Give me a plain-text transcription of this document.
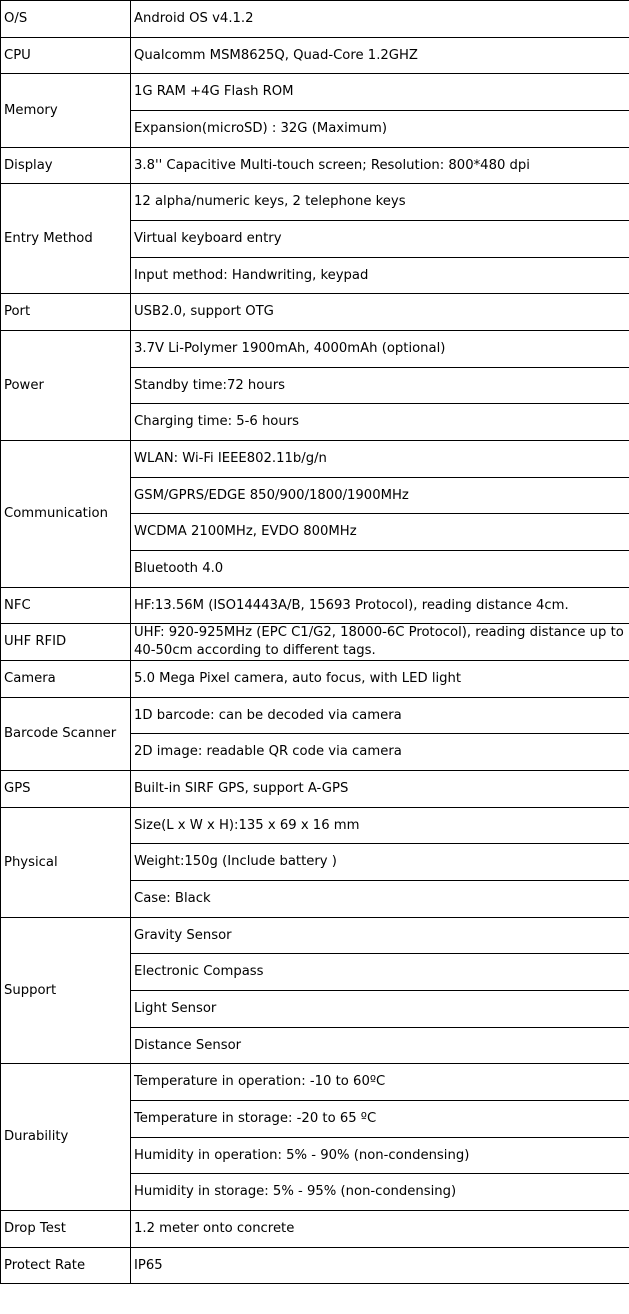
O/S	Android OS v4.1.2
CPU	Qualcomm MSM8625Q, Quad-Core 1.2GHZ
Memory	1G RAM +4G Flash ROM
	Expansion(microSD) : 32G (Maximum)
Display	3.8'' Capacitive Multi-touch screen; Resolution: 800*480 dpi
Entry Method	12 alpha/numeric keys, 2 telephone keys
	Virtual keyboard entry
	Input method: Handwriting, keypad
Port	USB2.0, support OTG
Power	3.7V Li-Polymer 1900mAh, 4000mAh (optional)
	Standby time:72 hours
	Charging time: 5-6 hours
Communication	WLAN: Wi-Fi IEEE802.11b/g/n
	GSM/GPRS/EDGE 850/900/1800/1900MHz
	WCDMA 2100MHz, EVDO 800MHz
	Bluetooth 4.0
NFC	HF:13.56M (ISO14443A/B, 15693 Protocol), reading distance 4cm.
UHF RFID	UHF: 920-925MHz (EPC C1/G2, 18000-6C Protocol), reading distance up to 40-50cm according to different tags.
Camera	5.0 Mega Pixel camera, auto focus, with LED light
Barcode Scanner	1D barcode: can be decoded via camera
	2D image: readable QR code via camera
GPS	Built-in SIRF GPS, support A-GPS
Physical	Size(L x W x H):135 x 69 x 16 mm
	Weight:150g (Include battery )
	Case: Black
Support	Gravity Sensor
	Electronic Compass
	Light Sensor
	Distance Sensor
Durability	Temperature in operation: -10 to 60ºC
	Temperature in storage: -20 to 65 ºC
	Humidity in operation: 5% - 90% (non-condensing)
	Humidity in storage: 5% - 95% (non-condensing)
Drop Test	1.2 meter onto concrete
Protect Rate	IP65
